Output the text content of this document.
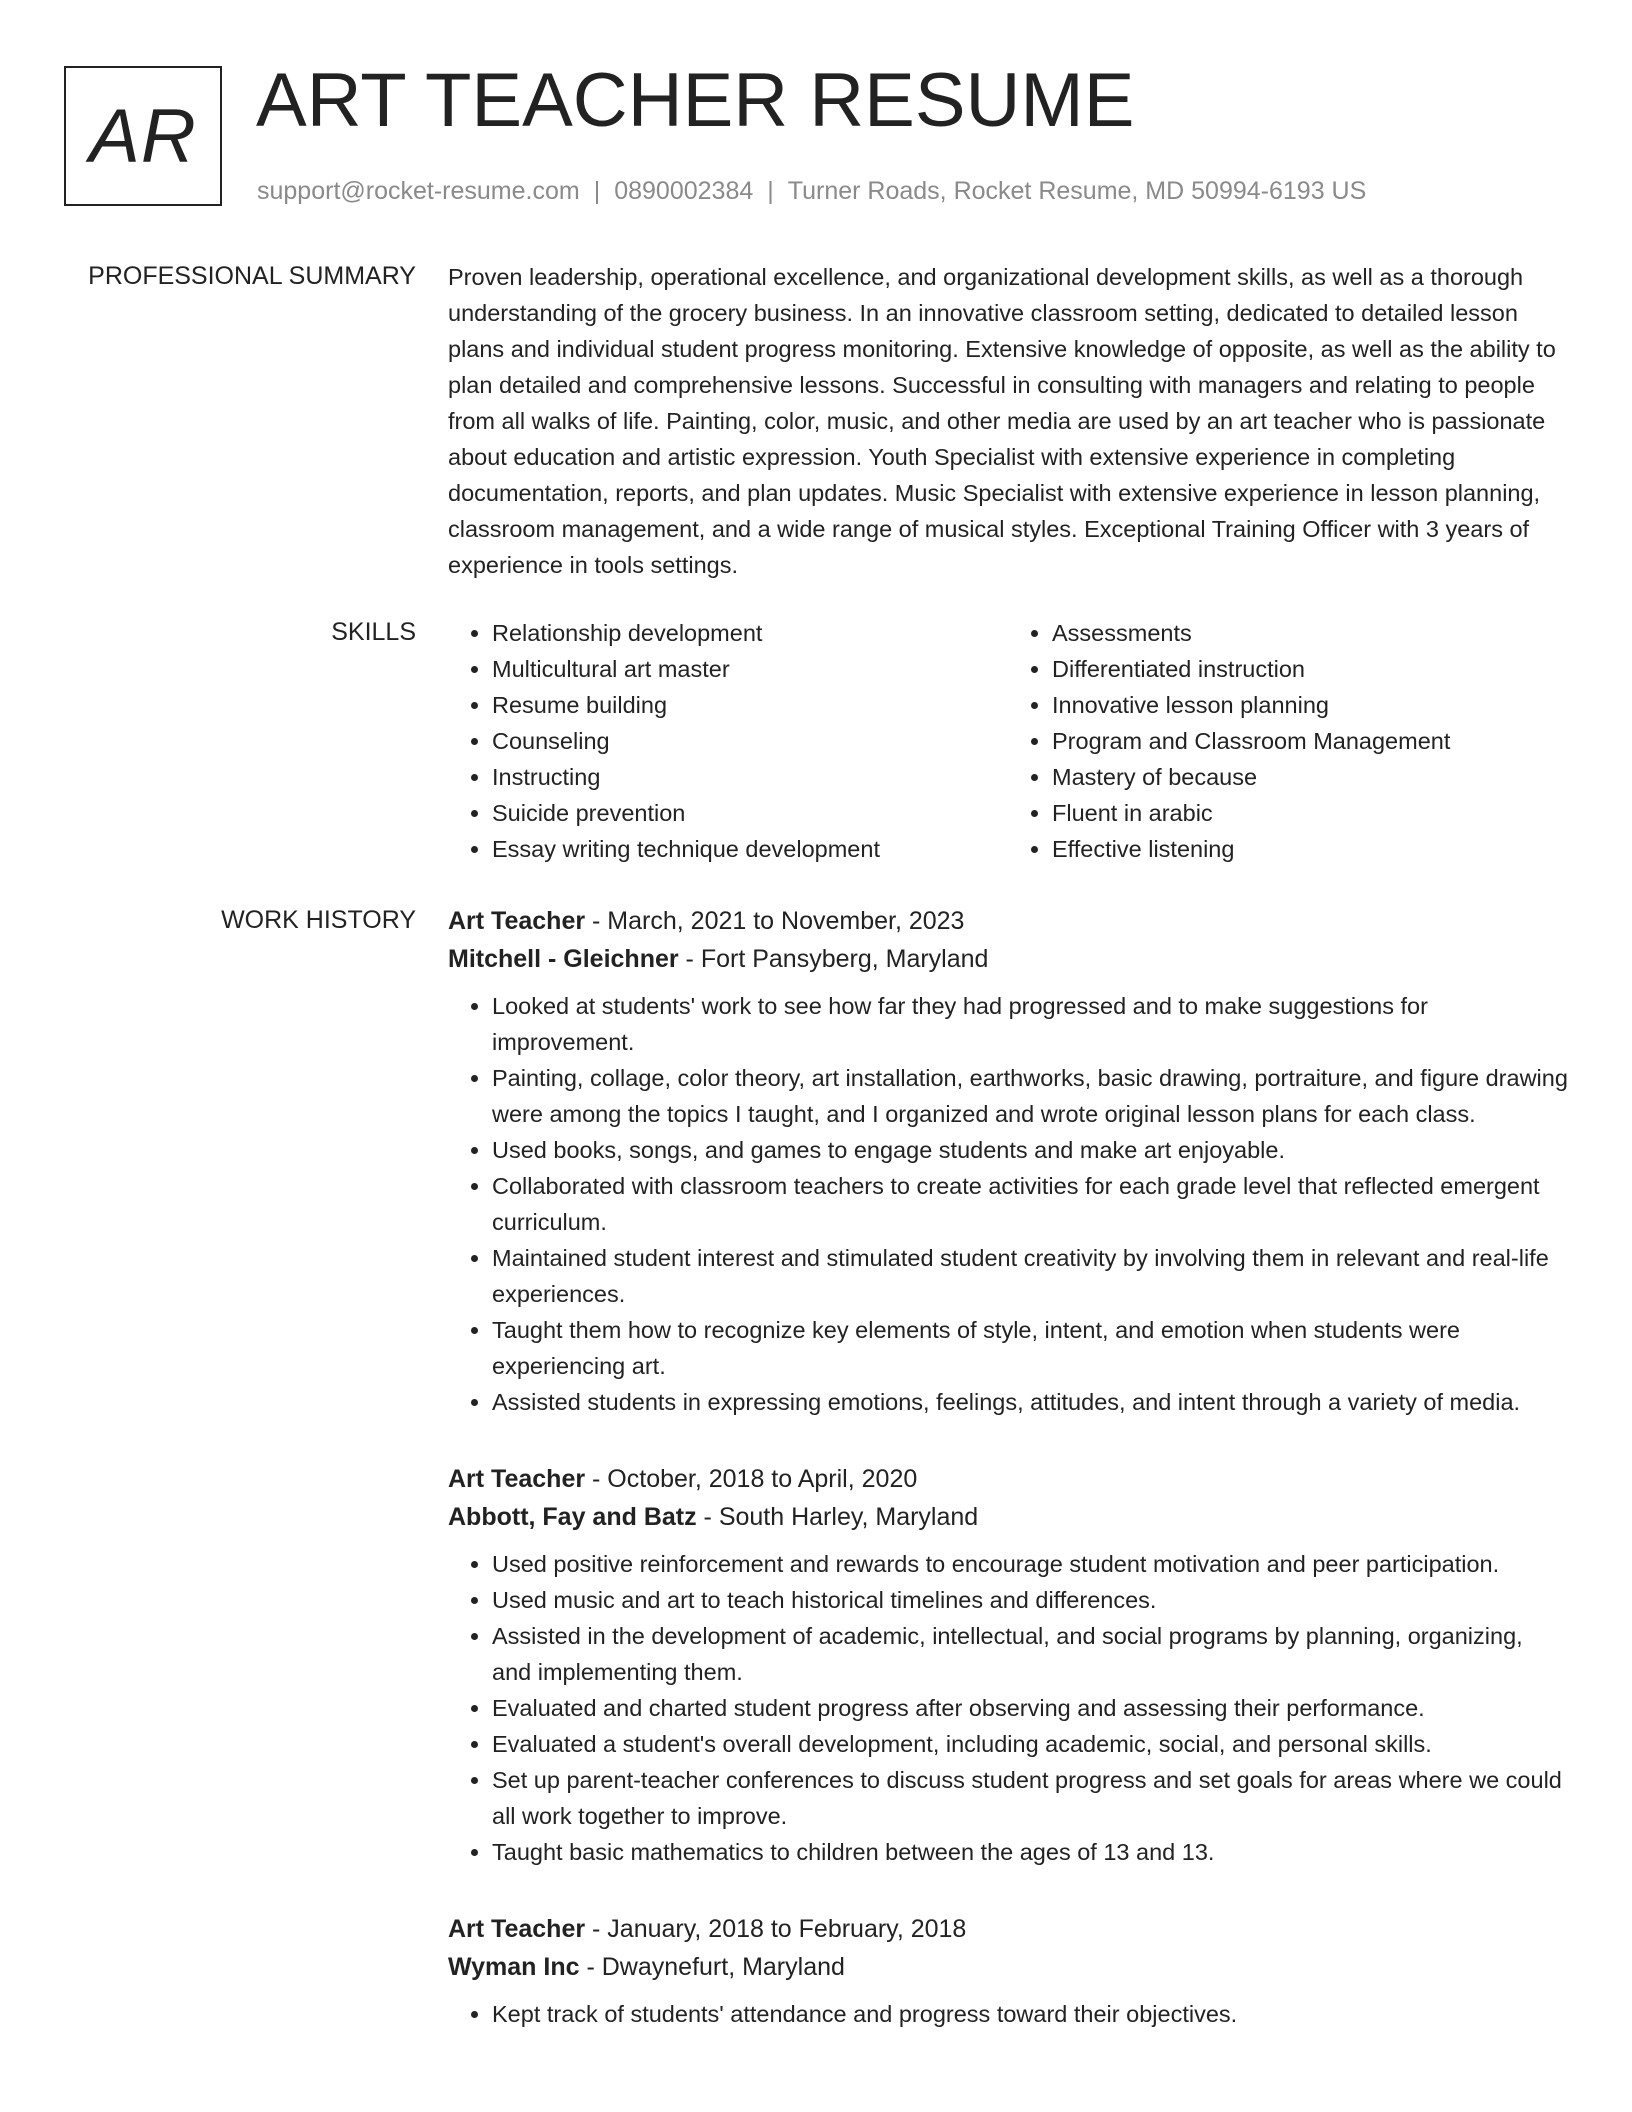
AR ART TEACHER RESUME
support@rocket-resume.com | 0890002384 | Turner Roads, Rocket Resume, MD 50994-6193 US
PROFESSIONAL SUMMARY Proven leadership, operational excellence, and organizational development skills, as well as a thorough understanding of the grocery business. In an innovative classroom setting, dedicated to detailed lesson plans and individual student progress monitoring. Extensive knowledge of opposite, as well as the ability to plan detailed and comprehensive lessons. Successful in consulting with managers and relating to people from all walks of life. Painting, color, music, and other media are used by an art teacher who is passionate about education and artistic expression. Youth Specialist with extensive experience in completing documentation, reports, and plan updates. Music Specialist with extensive experience in lesson planning, classroom management, and a wide range of musical styles. Exceptional Training Officer with 3 years of experience in tools settings.

SKILLS
•	Relationship development
• Multicultural art master
• Resume building
• Counseling
• Instructing
• Suicide prevention
• Essay writing technique development
• Assessments
• Differentiated instruction
• Innovative lesson planning
• Program and Classroom Management
• Mastery of because
• Fluent in arabic
• Effective listening
WORK HISTORY Art Teacher - March, 2021 to November, 2023
Mitchell - Gleichner - Fort Pansyberg, Maryland
• Looked at students' work to see how far they had progressed and to make suggestions for improvement.
• Painting, collage, color theory, art installation, earthworks, basic drawing, portraiture, and figure drawing were among the topics I taught, and I organized and wrote original lesson plans for each class.
• Used books, songs, and games to engage students and make art enjoyable.
• Collaborated with classroom teachers to create activities for each grade level that reflected emergent curriculum.
• Maintained student interest and stimulated student creativity by involving them in relevant and real-life experiences.
• Taught them how to recognize key elements of style, intent, and emotion when students were experiencing art.
• Assisted students in expressing emotions, feelings, attitudes, and intent through a variety of media.
Art Teacher - October, 2018 to April, 2020
Abbott, Fay and Batz - South Harley, Maryland
• Used positive reinforcement and rewards to encourage student motivation and peer participation.
• Used music and art to teach historical timelines and differences.
• Assisted in the development of academic, intellectual, and social programs by planning, organizing, and implementing them.
• Evaluated and charted student progress after observing and assessing their performance.
• Evaluated a student's overall development, including academic, social, and personal skills.
• Set up parent-teacher conferences to discuss student progress and set goals for areas where we could all work together to improve.
• Taught basic mathematics to children between the ages of 13 and 13.
Art Teacher - January, 2018 to February, 2018
Wyman Inc - Dwaynefurt, Maryland
• Kept track of students' attendance and progress toward their objectives.
